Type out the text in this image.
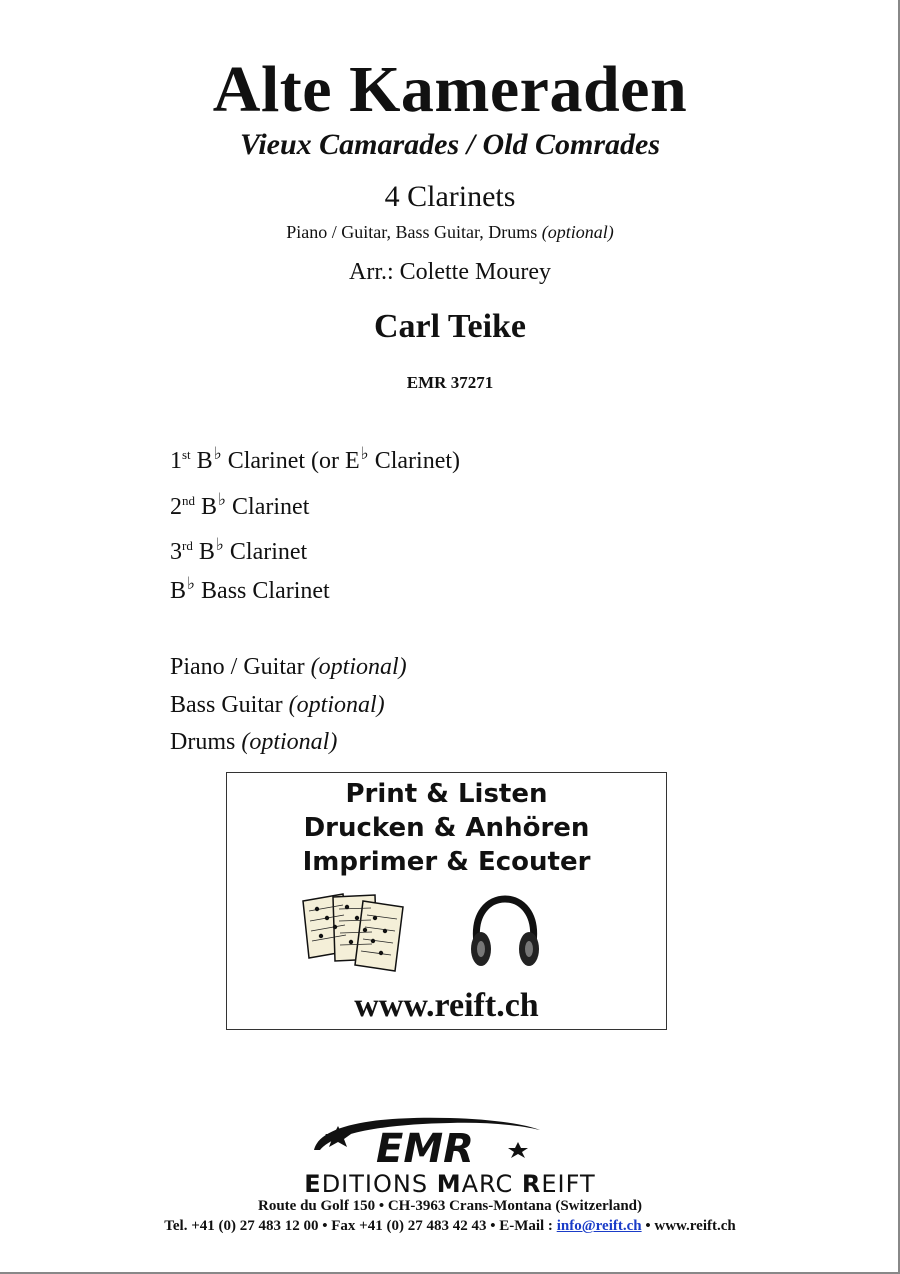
Alte Kameraden
Vieux Camarades / Old Comrades
4 Clarinets
Piano / Guitar, Bass Guitar, Drums (optional)
Arr.: Colette Mourey
Carl Teike
EMR 37271
1st B♭ Clarinet (or E♭ Clarinet)
2nd B♭ Clarinet
3rd B♭ Clarinet
B♭ Bass Clarinet
Piano / Guitar (optional)
Bass Guitar (optional)
Drums (optional)
Print & Listen
Drucken & Anhören
Imprimer & Ecouter
www.reift.ch
EMR
EDITIONS MARC REIFT
Route du Golf 150 • CH-3963 Crans-Montana (Switzerland)
Tel. +41 (0) 27 483 12 00 • Fax +41 (0) 27 483 42 43 • E-Mail : info@reift.ch • www.reift.ch
